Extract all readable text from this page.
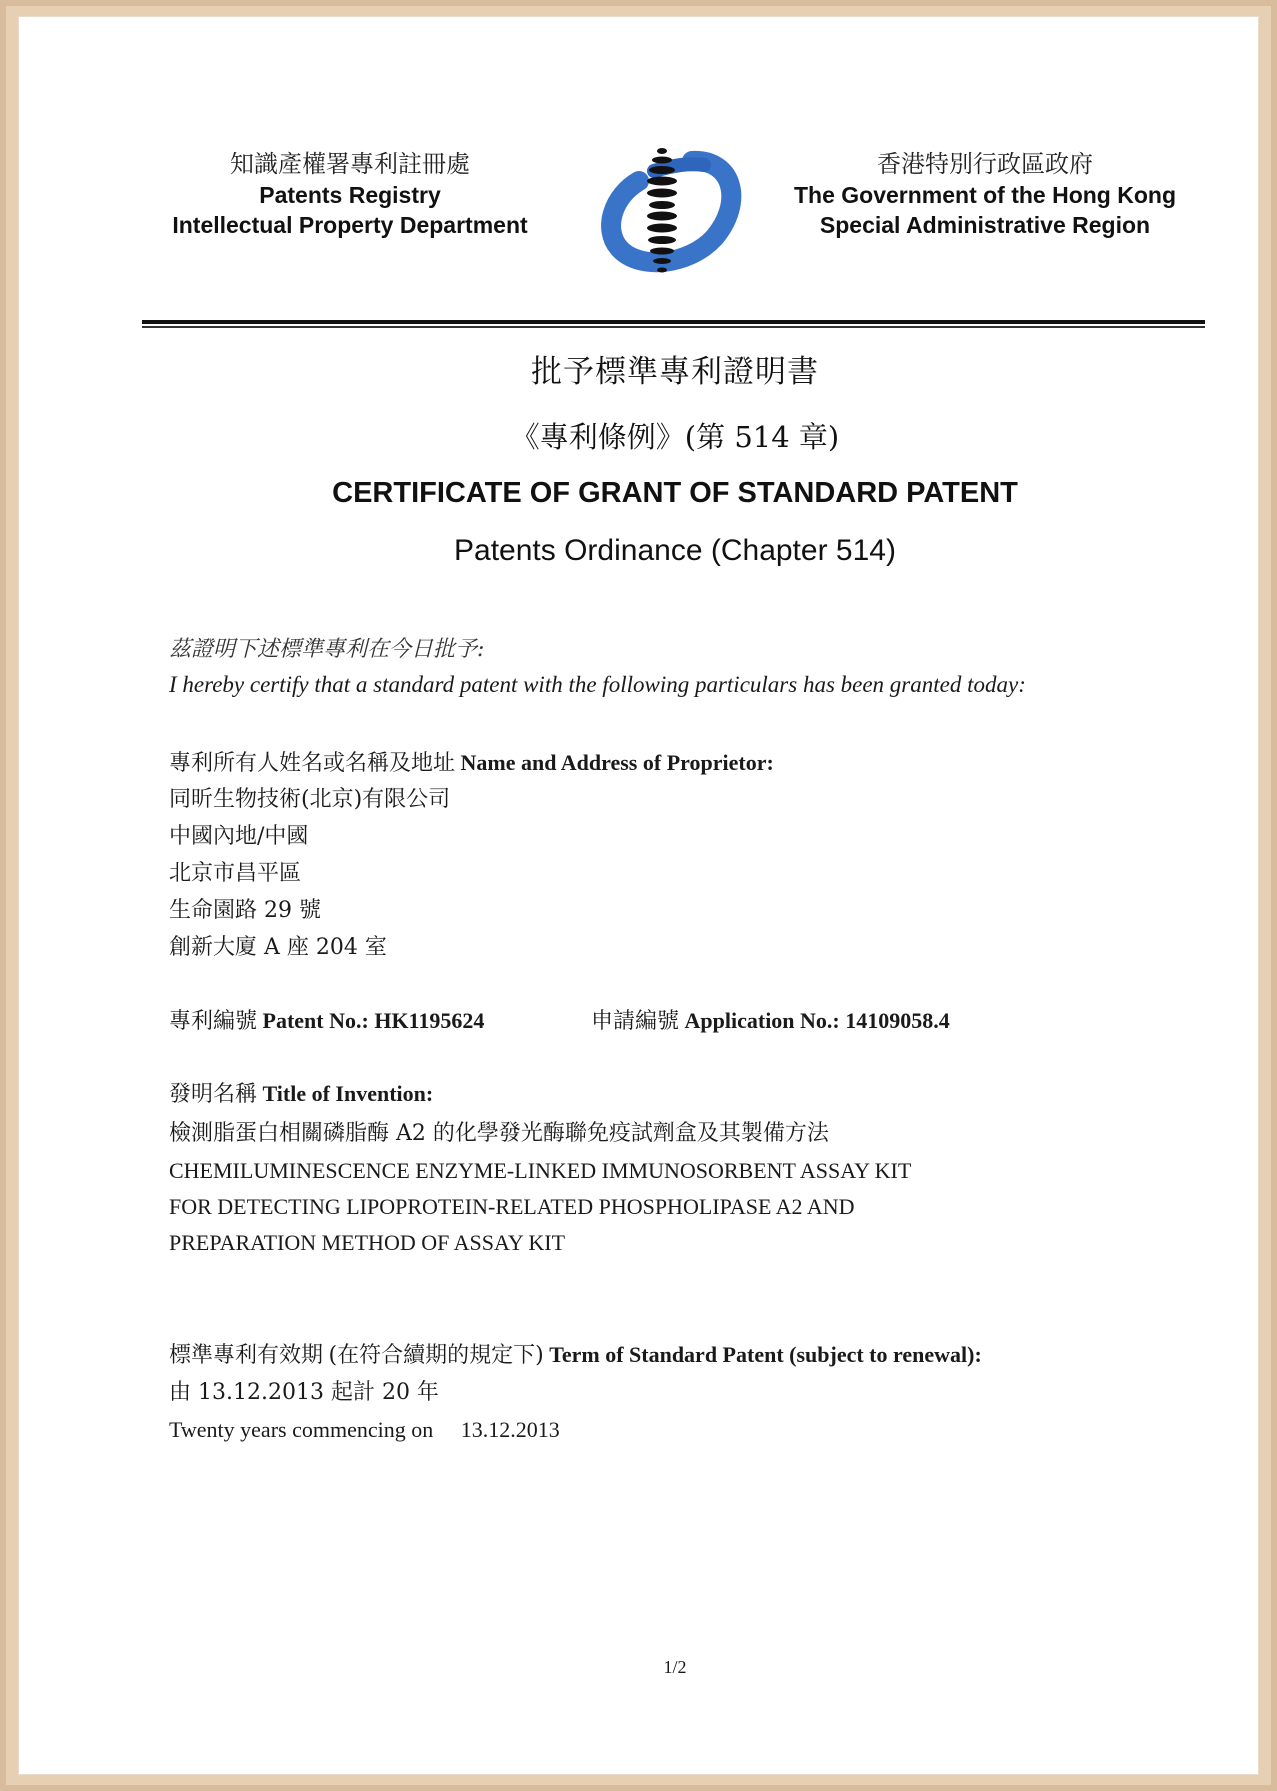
知識產權署專利註冊處
Patents Registry
Intellectual Property Department
香港特別行政區政府
The Government of the Hong Kong
Special Administrative Region
批予標準專利證明書
《專利條例》(第 514 章)
CERTIFICATE OF GRANT OF STANDARD PATENT
Patents Ordinance (Chapter 514)
茲證明下述標準專利在今日批予:
I hereby certify that a standard patent with the following particulars has been granted today:
專利所有人姓名或名稱及地址 Name and Address of Proprietor:
同昕生物技術(北京)有限公司
中國內地/中國
北京市昌平區
生命園路 29 號
創新大廈 A 座 204 室
專利編號 Patent No.: HK1195624	申請編號 Application No.: 14109058.4
發明名稱 Title of Invention:
檢測脂蛋白相關磷脂酶 A2 的化學發光酶聯免疫試劑盒及其製備方法
CHEMILUMINESCENCE ENZYME-LINKED IMMUNOSORBENT ASSAY KIT
FOR DETECTING LIPOPROTEIN-RELATED PHOSPHOLIPASE A2 AND
PREPARATION METHOD OF ASSAY KIT
標準專利有效期 (在符合續期的規定下) Term of Standard Patent (subject to renewal):
由 13.12.2013 起計 20 年
Twenty years commencing on 13.12.2013
1/2
